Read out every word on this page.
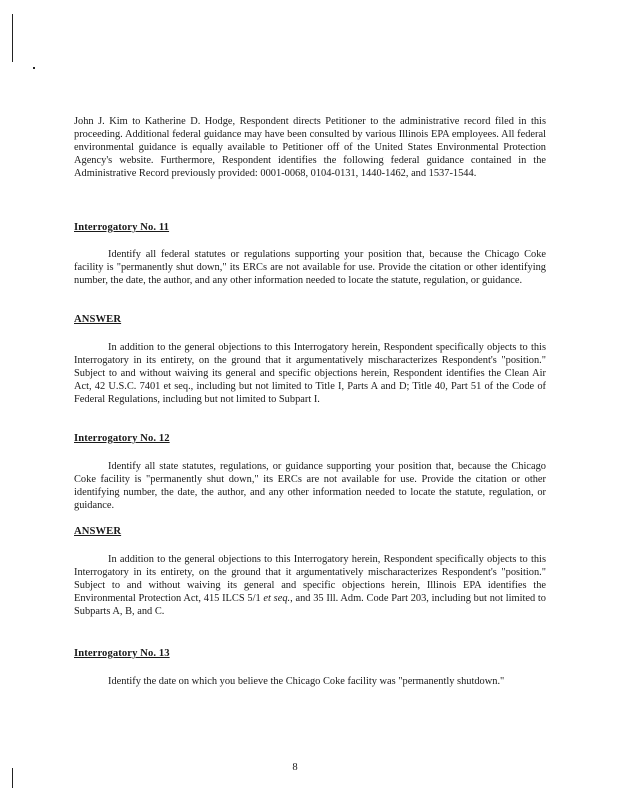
John J. Kim to Katherine D. Hodge, Respondent directs Petitioner to the administrative record filed in this proceeding. Additional federal guidance may have been consulted by various Illinois EPA employees. All federal environmental guidance is equally available to Petitioner off of the United States Environmental Protection Agency's website. Furthermore, Respondent identifies the following federal guidance contained in the Administrative Record previously provided: 0001-0068, 0104-0131, 1440-1462, and 1537-1544.

Interrogatory No. 11

Identify all federal statutes or regulations supporting your position that, because the Chicago Coke facility is "permanently shut down," its ERCs are not available for use. Provide the citation or other identifying number, the date, the author, and any other information needed to locate the statute, regulation, or guidance.

ANSWER

In addition to the general objections to this Interrogatory herein, Respondent specifically objects to this Interrogatory in its entirety, on the ground that it argumentatively mischaracterizes Respondent's "position." Subject to and without waiving its general and specific objections herein, Respondent identifies the Clean Air Act, 42 U.S.C. 7401 et seq., including but not limited to Title I, Parts A and D; Title 40, Part 51 of the Code of Federal Regulations, including but not limited to Subpart I.

Interrogatory No. 12

Identify all state statutes, regulations, or guidance supporting your position that, because the Chicago Coke facility is "permanently shut down," its ERCs are not available for use. Provide the citation or other identifying number, the date, the author, and any other information needed to locate the statute, regulation, or guidance.

ANSWER

In addition to the general objections to this Interrogatory herein, Respondent specifically objects to this Interrogatory in its entirety, on the ground that it argumentatively mischaracterizes Respondent's "position." Subject to and without waiving its general and specific objections herein, Illinois EPA identifies the Environmental Protection Act, 415 ILCS 5/1 et seq., and 35 Ill. Adm. Code Part 203, including but not limited to Subparts A, B, and C.

Interrogatory No. 13

Identify the date on which you believe the Chicago Coke facility was "permanently shutdown."

8
